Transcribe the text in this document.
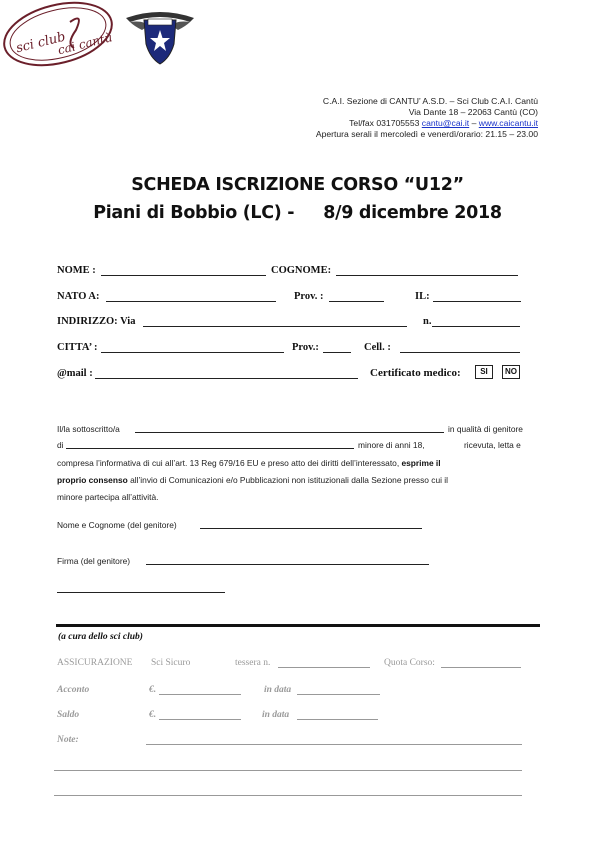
sci club
cai cantù

C.A.I. Sezione di CANTU’ A.S.D. – Sci Club C.A.I. Cantù
Via Dante 18 – 22063 Cantù (CO)
Tel/fax 031705553 cantu@cai.it – www.caicantu.it
Apertura serali il mercoledì e venerdì/orario: 21.15 – 23.00
SCHEDA ISCRIZIONE CORSO “U12”
Piani di Bobbio (LC) -     8/9 dicembre 2018
NOME :	COGNOME:
NATO A:	Prov. :	IL:
INDIRIZZO: Via	n.
CITTA’ :	Prov.:	Cell. :
@mail :	Certificato medico:	SI	NO
Il/la sottoscritto/a	in qualità di genitore
di	minore di anni 18,	ricevuta, letta e
compresa l’informativa di cui all’art. 13 Reg 679/16 EU e preso atto dei diritti dell’interessato, esprime il
proprio consenso all’invio di Comunicazioni e/o Pubblicazioni non istituzionali dalla Sezione presso cui il
minore partecipa all’attività.
Nome e Cognome (del genitore)
Firma (del genitore)
(a cura dello sci club)
ASSICURAZIONE Sci Sicuro	tessera n.	Quota Corso:
Acconto	€.	in data
Saldo	€.	in data
Note:
